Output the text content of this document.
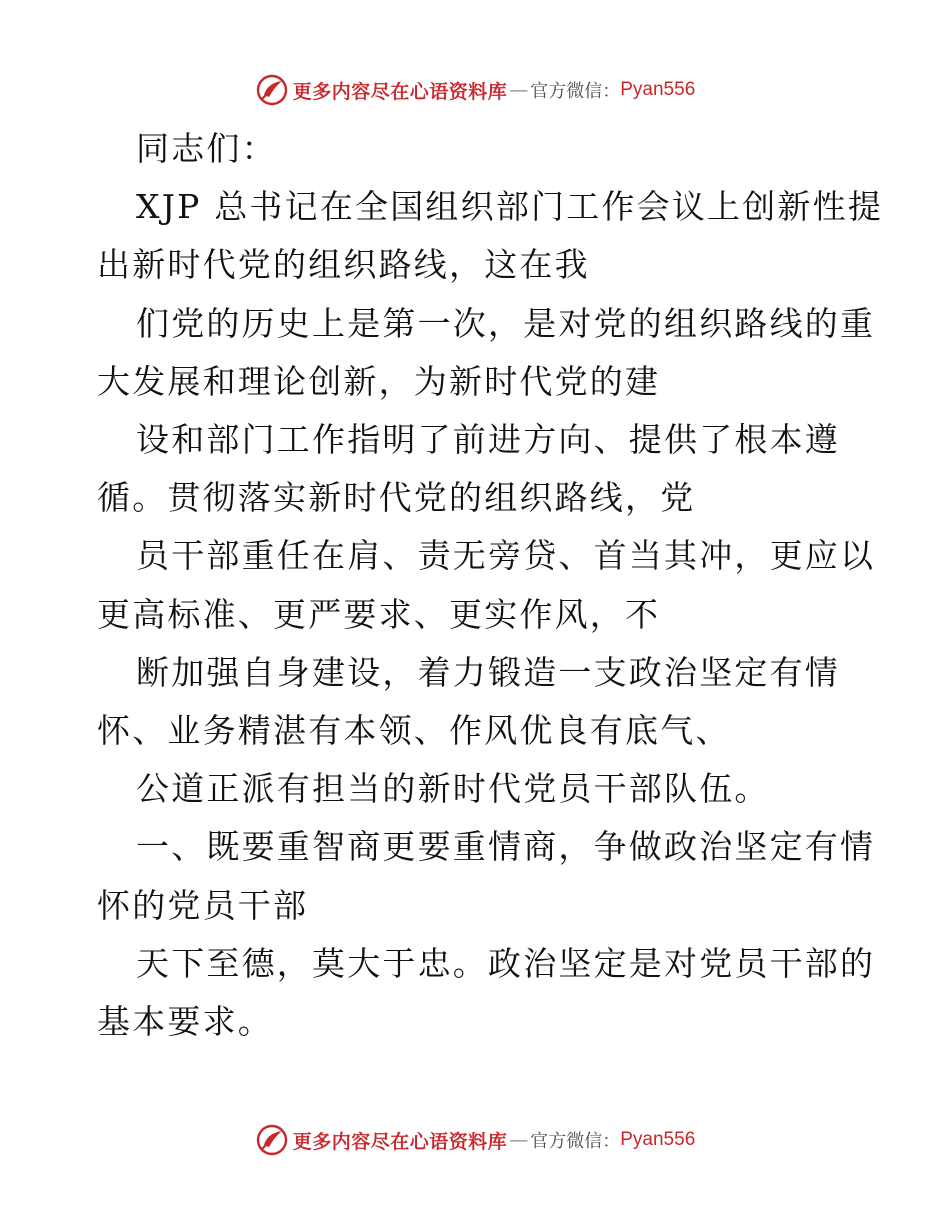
更多内容尽在心语资料库 — 官方微信： Pyan556

同志们：

XJP 总书记在全国组织部门工作会议上创新性提

出新时代党的组织路线，这在我

们党的历史上是第一次，是对党的组织路线的重

大发展和理论创新，为新时代党的建

设和部门工作指明了前进方向、提供了根本遵

循。贯彻落实新时代党的组织路线，党

员干部重任在肩、责无旁贷、首当其冲，更应以

更高标准、更严要求、更实作风，不

断加强自身建设，着力锻造一支政治坚定有情

怀、业务精湛有本领、作风优良有底气、

公道正派有担当的新时代党员干部队伍。

一、既要重智商更要重情商，争做政治坚定有情

怀的党员干部

天下至德，莫大于忠。政治坚定是对党员干部的

基本要求。

更多内容尽在心语资料库 — 官方微信： Pyan556
